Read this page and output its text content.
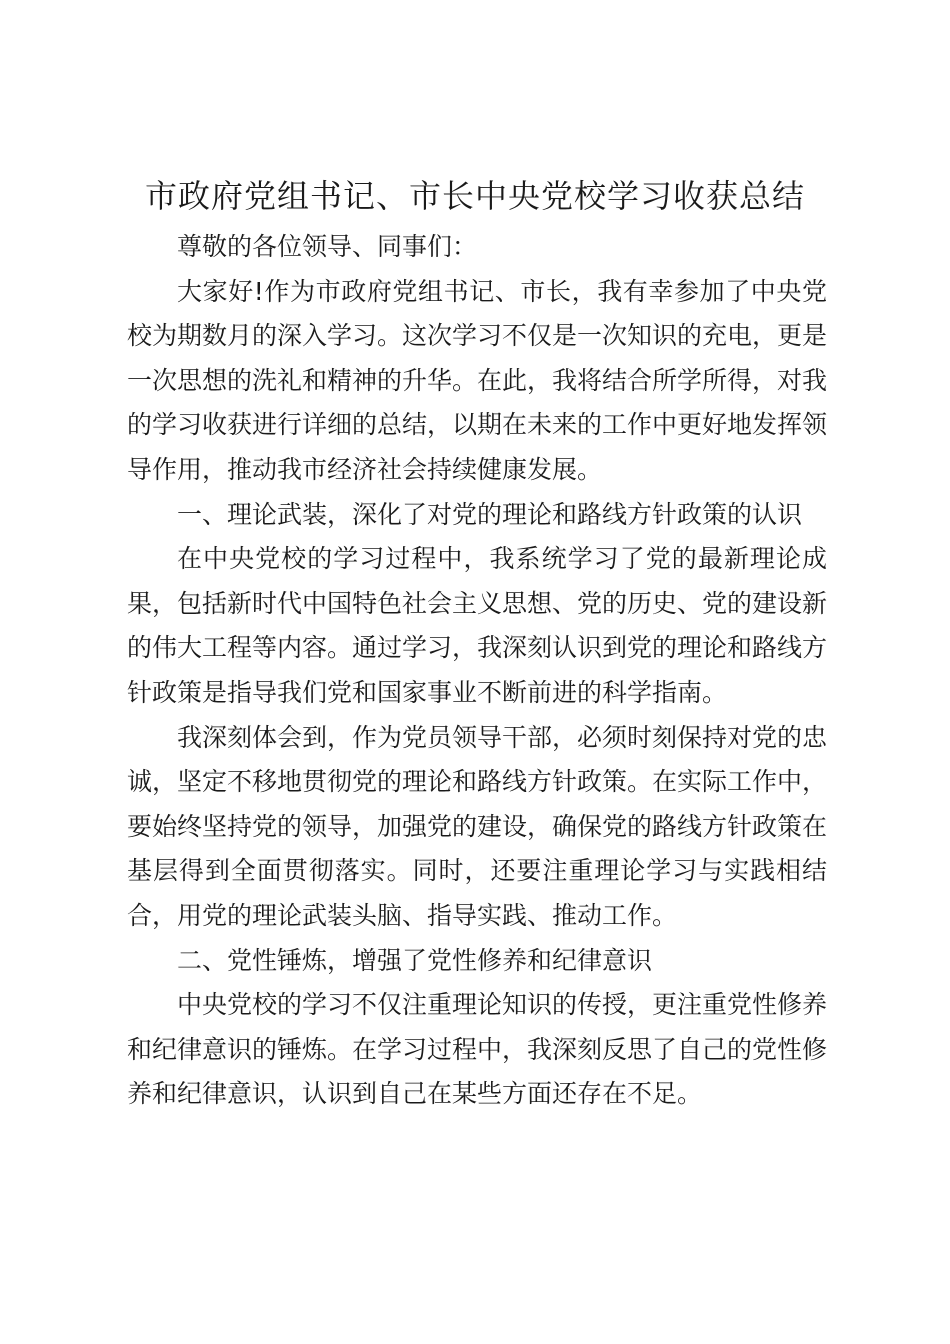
市政府党组书记、市长中央党校学习收获总结

尊敬的各位领导、同事们：

大家好!作为市政府党组书记、市长，我有幸参加了中央党校为期数月的深入学习。这次学习不仅是一次知识的充电，更是一次思想的洗礼和精神的升华。在此，我将结合所学所得，对我的学习收获进行详细的总结，以期在未来的工作中更好地发挥领导作用，推动我市经济社会持续健康发展。

一、理论武装，深化了对党的理论和路线方针政策的认识

在中央党校的学习过程中，我系统学习了党的最新理论成果，包括新时代中国特色社会主义思想、党的历史、党的建设新的伟大工程等内容。通过学习，我深刻认识到党的理论和路线方针政策是指导我们党和国家事业不断前进的科学指南。

我深刻体会到，作为党员领导干部，必须时刻保持对党的忠诚，坚定不移地贯彻党的理论和路线方针政策。在实际工作中，要始终坚持党的领导，加强党的建设，确保党的路线方针政策在基层得到全面贯彻落实。同时，还要注重理论学习与实践相结合，用党的理论武装头脑、指导实践、推动工作。

二、党性锤炼，增强了党性修养和纪律意识

中央党校的学习不仅注重理论知识的传授，更注重党性修养和纪律意识的锤炼。在学习过程中，我深刻反思了自己的党性修养和纪律意识，认识到自己在某些方面还存在不足。
